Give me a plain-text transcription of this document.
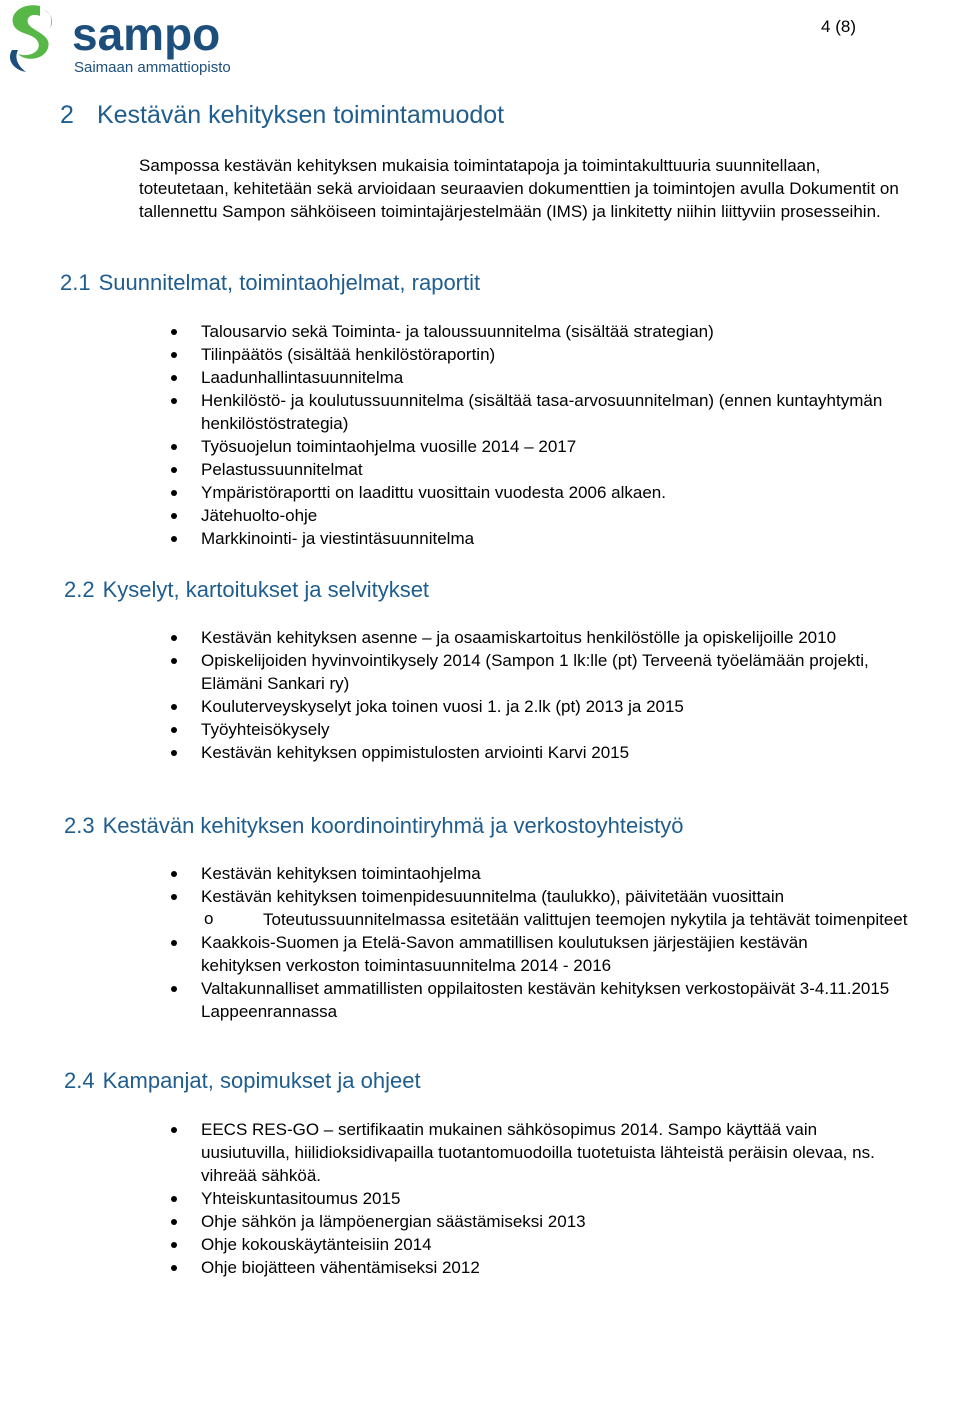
sampo
Saimaan ammattiopisto
4 (8)
2 Kestävän kehityksen toimintamuodot

Sampossa kestävän kehityksen mukaisia toimintatapoja ja toimintakulttuuria suunnitellaan, toteutetaan, kehitetään sekä arvioidaan seuraavien dokumenttien ja toimintojen avulla Dokumentit on tallennettu Sampon sähköiseen toimintajärjestelmään (IMS) ja linkitetty niihin liittyviin prosesseihin.

2.1 Suunnitelmat, toimintaohjelmat, raportit
Talousarvio sekä Toiminta- ja taloussuunnitelma (sisältää strategian)
Tilinpäätös (sisältää henkilöstöraportin)
Laadunhallintasuunnitelma
Henkilöstö- ja koulutussuunnitelma (sisältää tasa-arvosuunnitelman) (ennen kuntayhtymän henkilöstöstrategia)
Työsuojelun toimintaohjelma vuosille 2014 – 2017
Pelastussuunnitelmat
Ympäristöraportti on laadittu vuosittain vuodesta 2006 alkaen.
Jätehuolto-ohje
Markkinointi- ja viestintäsuunnitelma
2.2 Kyselyt, kartoitukset ja selvitykset
Kestävän kehityksen asenne – ja osaamiskartoitus henkilöstölle ja opiskelijoille 2010
Opiskelijoiden hyvinvointikysely 2014 (Sampon 1 lk:lle (pt) Terveenä työelämään projekti, Elämäni Sankari ry)
Kouluterveyskyselyt joka toinen vuosi 1. ja 2.lk (pt) 2013 ja 2015
Työyhteisökysely
Kestävän kehityksen oppimistulosten arviointi Karvi 2015
2.3 Kestävän kehityksen koordinointiryhmä ja verkostoyhteistyö
Kestävän kehityksen toimintaohjelma
Kestävän kehityksen toimenpidesuunnitelma (taulukko), päivitetään vuosittain
o	Toteutussuunnitelmassa esitetään valittujen teemojen nykytila ja tehtävät toimenpiteet
Kaakkois-Suomen ja Etelä-Savon ammatillisen koulutuksen järjestäjien kestävän kehityksen verkoston toimintasuunnitelma 2014 - 2016
Valtakunnalliset ammatillisten oppilaitosten kestävän kehityksen verkostopäivät 3-4.11.2015 Lappeenrannassa
2.4 Kampanjat, sopimukset ja ohjeet
EECS RES-GO – sertifikaatin mukainen sähkösopimus 2014. Sampo käyttää vain uusiutuvilla, hiilidioksidivapailla tuotantomuodoilla tuotetuista lähteistä peräisin olevaa, ns. vihreää sähköä.
Yhteiskuntasitoumus 2015
Ohje sähkön ja lämpöenergian säästämiseksi 2013
Ohje kokouskäytänteisiin 2014
Ohje biojätteen vähentämiseksi 2012
